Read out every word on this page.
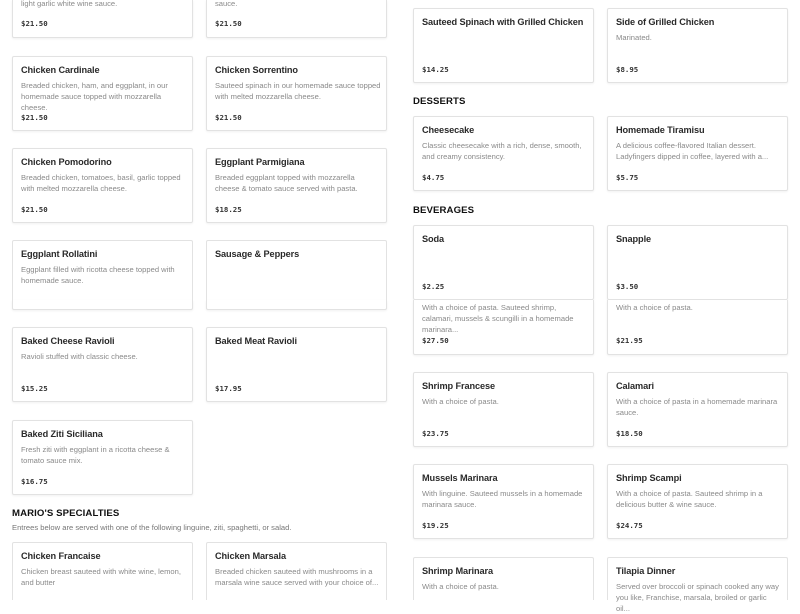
DESSERTS
BEVERAGES
light garlic white wine sauce.
$21.50
sauce.
$21.50
Chicken Cardinale
Breaded chicken, ham, and eggplant, in our homemade sauce topped with mozzarella cheese.
$21.50
Chicken Sorrentino
Sauteed spinach in our homemade sauce topped with melted mozzarella cheese.
$21.50
Chicken Pomodorino
Breaded chicken, tomatoes, basil, garlic topped with melted mozzarella cheese.
$21.50
Eggplant Parmigiana
Breaded eggplant topped with mozzarella cheese & tomato sauce served with pasta.
$18.25
Eggplant Rollatini
Eggplant filled with ricotta cheese topped with homemade sauce.
Sausage & Peppers
Sauteed Spinach with Grilled Chicken
$14.25
Side of Grilled Chicken
Marinated.
$8.95
Cheesecake
Classic cheesecake with a rich, dense, smooth, and creamy consistency.
$4.75
Homemade Tiramisu
A delicious coffee-flavored Italian dessert. Ladyfingers dipped in coffee, layered with a...
$5.75
Soda
$2.25
Snapple
$3.50
MARIO'S SPECIALTIES
Entrees below are served with one of the following linguine, ziti, spaghetti, or salad.
Baked Cheese Ravioli
Ravioli stuffed with classic cheese.
$15.25
Baked Meat Ravioli
$17.95
Baked Ziti Siciliana
Fresh ziti with eggplant in a ricotta cheese & tomato sauce mix.
$16.75
Chicken Francaise
Chicken breast sauteed with white wine, lemon, and butter
Chicken Marsala
Breaded chicken sauteed with mushrooms in a marsala wine sauce served with your choice of...
With a choice of pasta. Sauteed shrimp, calamari, mussels & scungilli in a homemade marinara...
$27.50
With a choice of pasta.
$21.95
Shrimp Francese
With a choice of pasta.
$23.75
Calamari
With a choice of pasta in a homemade marinara sauce.
$18.50
Mussels Marinara
With linguine. Sauteed mussels in a homemade marinara sauce.
$19.25
Shrimp Scampi
With a choice of pasta. Sauteed shrimp in a delicious butter & wine sauce.
$24.75
Shrimp Marinara
With a choice of pasta.
Tilapia Dinner
Served over broccoli or spinach cooked any way you like, Franchise, marsala, broiled or garlic oil...
